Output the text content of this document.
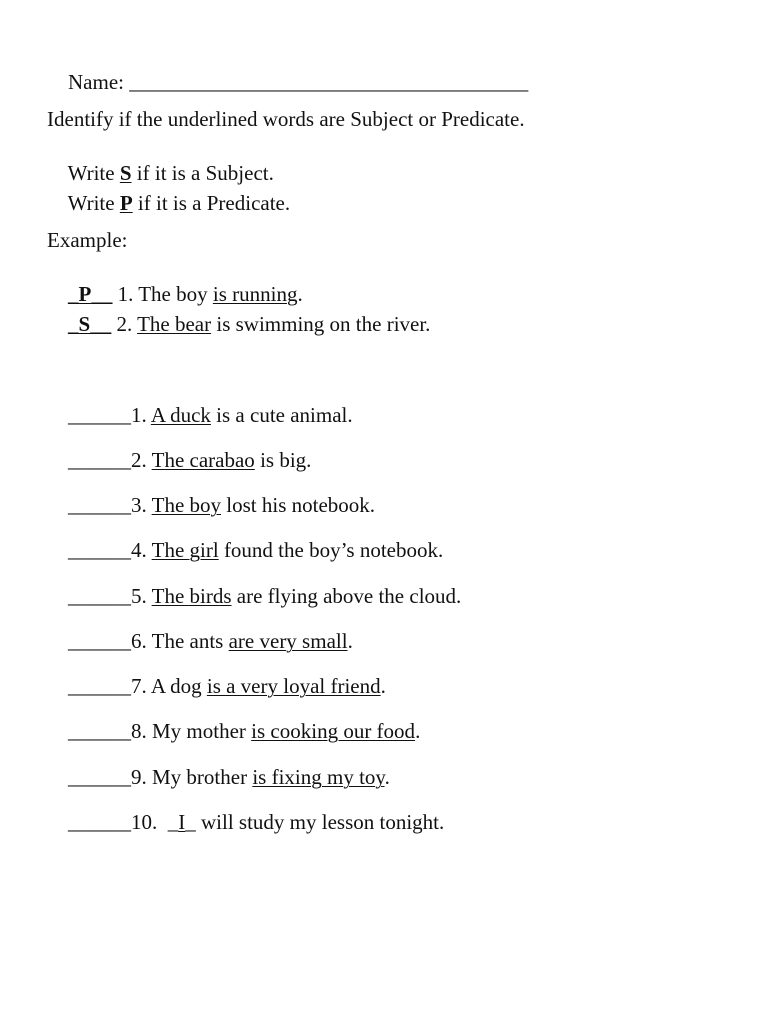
Name: ______________________________________

Identify if the underlined words are Subject or Predicate.

Write S if it is a Subject.

Write P if it is a Predicate.

Example:

_P__ 1. The boy is running.

_S__ 2. The bear is swimming on the river.

______1. A duck is a cute animal.

______2. The carabao is big.

______3. The boy lost his notebook.

______4. The girl found the boy’s notebook.

______5. The birds are flying above the cloud.

______6. The ants are very small.

______7. A dog is a very loyal friend.

______8. My mother is cooking our food.

______9. My brother is fixing my toy.

______10.  _I_ will study my lesson tonight.
